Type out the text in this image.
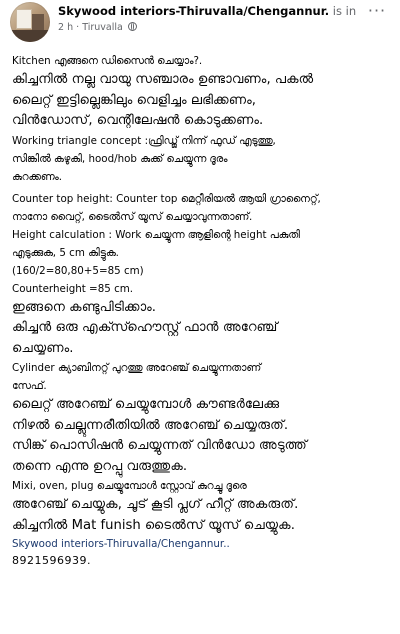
Skywood interiors-Thiruvalla/Chengannur. is in
2 h · Tiruvalla
···
Kitchen എങ്ങനെ ഡിസൈൻ ചെയ്യാം?.
കിച്ചനിൽ നല്ല വായു സഞ്ചാരം ഉണ്ടാവണം, പകൽ
ലൈറ്റ് ഇട്ടില്ലെങ്കിലും വെളിച്ചം ലഭിക്കണം,
വിൻഡോസ്, വെന്റിലേഷൻ കൊടുക്കണം.
Working triangle concept :ഫ്രിഡ്ജ് നിന്ന് ഫുഡ് എടുത്തു,
സിങ്കിൽ കഴുകി, hood/hob കുക്ക് ചെയ്യുന്ന ദൂരം
കുറക്കണം.
Counter top height: Counter top മെറ്റീരിയൽ ആയി ഗ്രാനൈറ്റ്,
നാനോ വൈറ്റ്, ടൈൽസ് യൂസ് ചെയ്യാവുന്നതാണ്.
Height calculation : Work ചെയ്യുന്ന ആളിന്റെ height പകുതി
എടുക്കുക, 5 cm കിട്ടുക.
(160/2=80,80+5=85 cm)
Counterheight =85 cm.
ഇങ്ങനെ കണ്ടുപിടിക്കാം.
കിച്ചൻ ഒരു എക്സ്ഹൌസ്റ്റ് ഫാൻ അറേഞ്ച്
ചെയ്യണം.
Cylinder ക്യാബിനറ്റ് പുറത്തു അറേഞ്ച് ചെയ്യുന്നതാണ്
സേഫ്.
ലൈറ്റ് അറേഞ്ച് ചെയ്യുമ്പോൾ കൗണ്ടർലേക്കു
നിഴൽ ചെല്ലുന്നരീതിയിൽ അറേഞ്ച് ചെയ്യരുത്.
സിങ്ക് പൊസിഷൻ ചെയ്യുന്നത് വിൻഡോ അടുത്ത്
തന്നെ എന്നു ഉറപ്പു വരുത്തുക.
Mixi, oven, plug ചെയ്യുമ്പോൾ സ്റ്റോവ് കുറച്ചു ദൂരെ
അറേഞ്ച് ചെയ്യുക, ചൂട് കൂടി പ്ലഗ് ഹീറ്റ് അകരുത്.
കിച്ചനിൽ Mat funish ടൈൽസ് യൂസ് ചെയ്യുക.
Skywood interiors-Thiruvalla/Chengannur..
8921596939.
